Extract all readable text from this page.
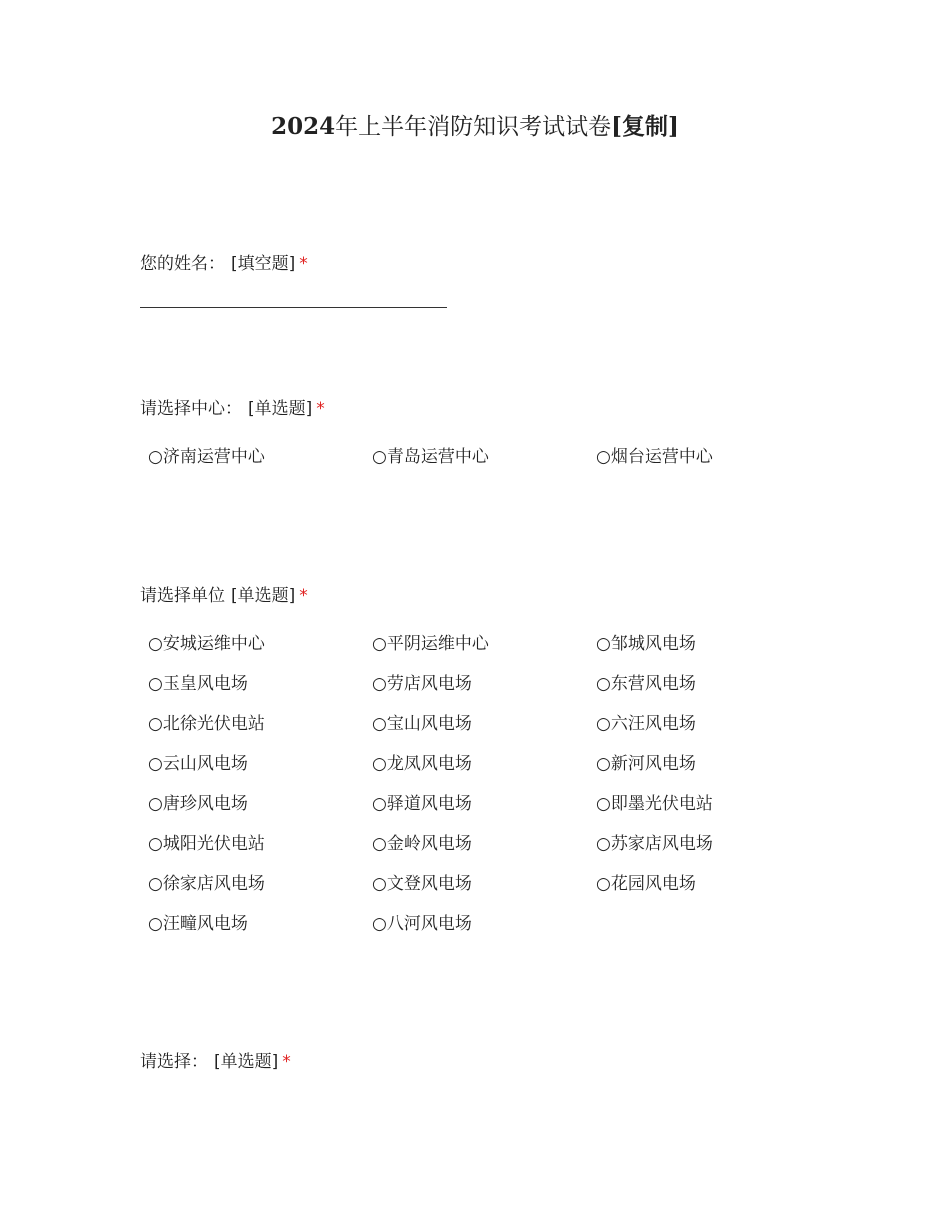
2024年上半年消防知识考试试卷[复制]
您的姓名： [填空题] *
请选择中心： [单选题] *
○济南运营中心	○青岛运营中心	○烟台运营中心
请选择单位 [单选题] *
○安城运维中心	○平阴运维中心	○邹城风电场
○玉皇风电场	○劳店风电场	○东营风电场
○北徐光伏电站	○宝山风电场	○六汪风电场
○云山风电场	○龙凤风电场	○新河风电场
○唐珍风电场	○驿道风电场	○即墨光伏电站
○城阳光伏电站	○金岭风电场	○苏家店风电场
○徐家店风电场	○文登风电场	○花园风电场
○汪疃风电场	○八河风电场
请选择： [单选题] *
